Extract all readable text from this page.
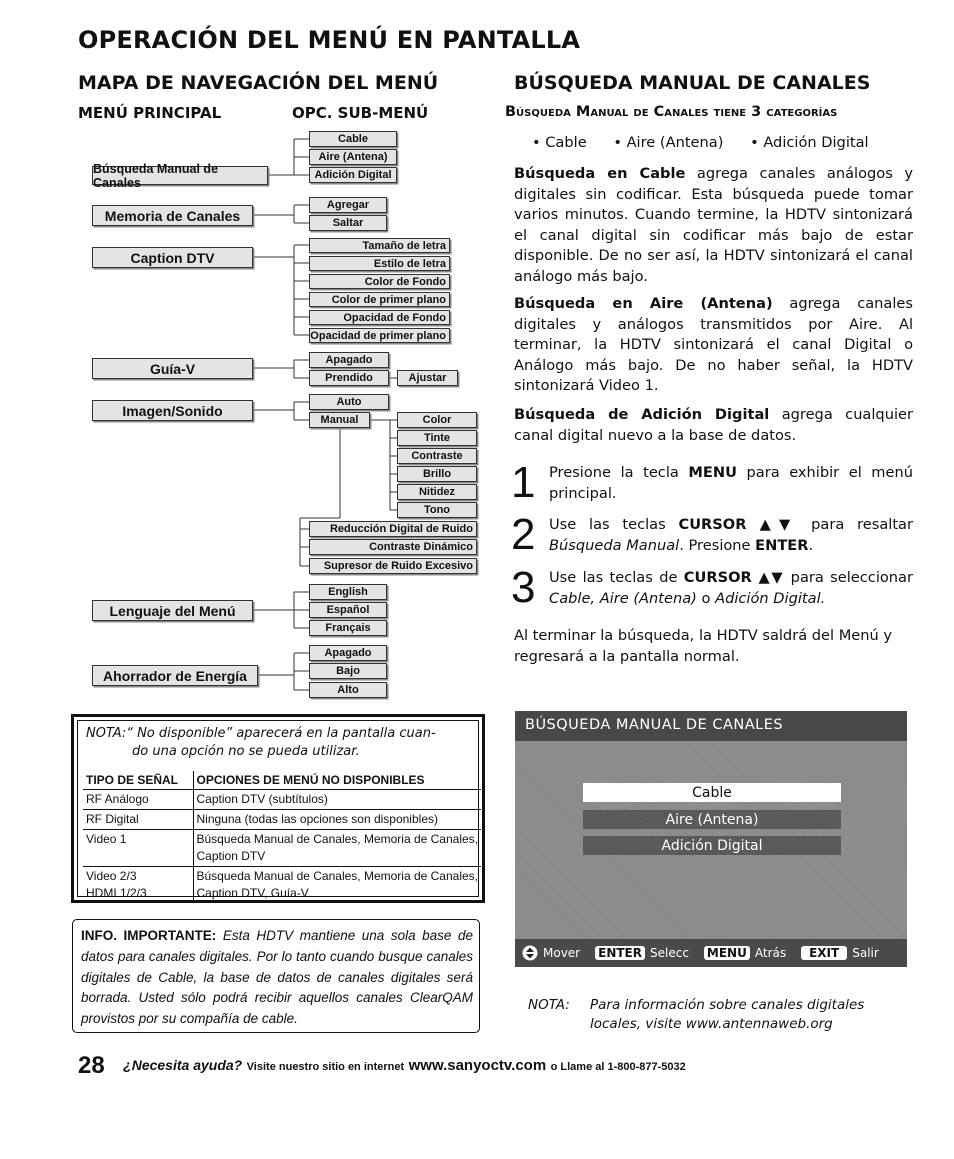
OPERACIÓN DEL MENÚ EN PANTALLA
MAPA DE NAVEGACIÓN DEL MENÚ
MENÚ PRINCIPAL	OPC. SUB-MENÚ
Búsqueda Manual de Canales
Memoria de Canales
Caption DTV
Guía-V
Imagen/Sonido
Lenguaje del Menú
Ahorrador de Energía
Cable
Aire (Antena)
Adición Digital
Agregar
Saltar
Tamaño de letra
Estilo de letra
Color de Fondo
Color de primer plano
Opacidad de Fondo
Opacidad de primer plano
Apagado
Prendido	Ajustar
Auto
Manual	Color
Tinte
Contraste
Brillo
Nitidez
Tono
Reducción Digital de Ruido
Contraste Dinámico
Supresor de Ruido Excesivo
English
Español
Français
Apagado
Bajo
Alto
NOTA:“ No disponible” aparecerá en la pantalla cuan-
do una opción no se pueda utilizar.
TIPO DE SEÑAL	OPCIONES DE MENÚ NO DISPONIBLES
RF Análogo	Caption DTV (subtítulos)
RF Digital	Ninguna (todas las opciones son disponibles)
Video 1	Búsqueda Manual de Canales, Memoria de Canales, Caption DTV
Video 2/3
HDMI 1/2/3	Búsqueda Manual de Canales, Memoria de Canales, Caption DTV, Guía-V
INFO. IMPORTANTE: Esta HDTV mantiene una sola base de datos para canales digitales. Por lo tanto cuando busque canales digitales de Cable, la base de datos de canales digitales será borrada. Usted sólo podrá recibir aquellos canales ClearQAM provistos por su compañía de cable.
BÚSQUEDA MANUAL DE CANALES
Búsqueda Manual de Canales tiene 3 categorías
• Cable • Aire (Antena) • Adición Digital
Búsqueda en Cable agrega canales análogos y digitales sin codificar. Esta búsqueda puede tomar varios minutos. Cuando termine, la HDTV sintonizará el canal digital sin codificar más bajo de estar disponible. De no ser así, la HDTV sintonizará el canal análogo más bajo.
Búsqueda en Aire (Antena) agrega canales digitales y análogos transmitidos por Aire. Al terminar, la HDTV sintonizará el canal Digital o Análogo más bajo. De no haber señal, la HDTV sintonizará Video 1.
Búsqueda de Adición Digital agrega cualquier canal digital nuevo a la base de datos.
1 Presione la tecla MENU para exhibir el menú principal.
2 Use las teclas CURSOR ▲▼ para resaltar Búsqueda Manual. Presione ENTER.
3 Use las teclas de CURSOR ▲▼ para seleccionar Cable, Aire (Antena) o Adición Digital.
Al terminar la búsqueda, la HDTV saldrá del Menú y regresará a la pantalla normal.
BÚSQUEDA MANUAL DE CANALES
Cable
Aire (Antena)
Adición Digital
Mover ENTER Selecc MENU Atrás	EXIT	Salir
NOTA:	Para información sobre canales digitales locales, visite www.antennaweb.org
28 ¿Necesita ayuda? Visite nuestro sitio en internet www.sanyoctv.com o Llame al 1-800-877-5032
